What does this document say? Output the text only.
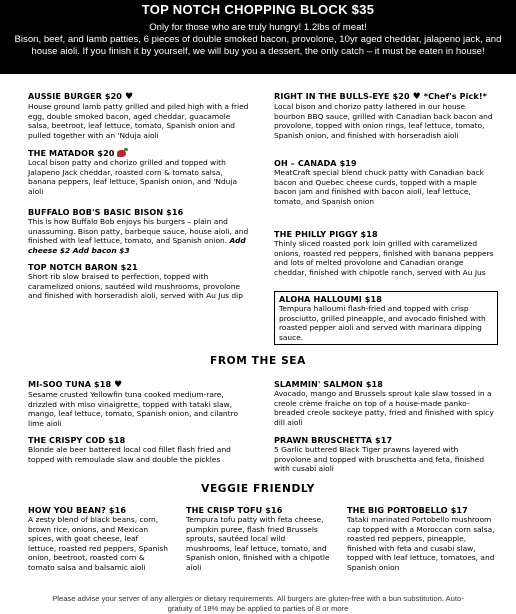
TOP NOTCH CHOPPING BLOCK $35
Only for those who are truly hungry! 1.2lbs of meat!
Bison, beef, and lamb patties, 6 pieces of double smoked bacon, provolone, 10yr aged cheddar, jalapeno jack, and house aioli. If you finish it by yourself, we will buy you a dessert, the only catch – it must be eaten in house!
AUSSIE BURGER $20 ♥

House ground lamb patty grilled and piled high with a fried egg, double smoked bacon, aged cheddar, guacamole salsa, beetroot, leaf lettuce, tomato, Spanish onion and pulled together with an 'Nduja aioli

THE MATADOR $20

Local bison patty and chorizo grilled and topped with Jalapeno Jack cheddar, roasted corn & tomato salsa, banana peppers, leaf lettuce, Spanish onion, and 'Nduja aioli

BUFFALO BOB'S BASIC BISON $16

This is how Buffalo Bob enjoys his burgers – plain and unassuming. Bison patty, barbeque sauce, house aioli, and finished with leaf lettuce, tomato, and Spanish onion. Add cheese $2 Add bacon $3

TOP NOTCH BARON $21

Short rib slow braised to perfection, topped with caramelized onions, sautéed wild mushrooms, provolone and finished with horseradish aioli, served with Au Jus dip

RIGHT IN THE BULLS-EYE $20 ♥ *Chef's Pick!*

Local bison and chorizo patty lathered in our house bourbon BBQ sauce, grilled with Canadian back bacon and provolone, topped with onion rings, leaf lettuce, tomato, Spanish onion, and finished with horseradish aioli

OH – CANADA $19

MeatCraft special blend chuck patty with Canadian back bacon and Quebec cheese curds, topped with a maple bacon jam and finished with bacon aioli, leaf lettuce, tomato, and Spanish onion

THE PHILLY PIGGY $18

Thinly sliced roasted pork loin grilled with caramelized onions, roasted red peppers, finished with banana peppers and lots of melted provolone and Canadian orange cheddar, finished with chipotle ranch, served with Au Jus

ALOHA HALLOUMI $18

Tempura halloumi flash-fried and topped with crisp prosciutto, grilled pineapple, and avocado finished with roasted pepper aioli and served with marinara dipping sauce.

FROM THE SEA
MI-SOO TUNA $18 ♥

Sesame crusted Yellowfin tuna cooked medium-rare, drizzled with miso vinaigrette, topped with tataki slaw, mango, leaf lettuce, tomato, Spanish onion, and cilantro lime aioli

SLAMMIN' SALMON $18

Avocado, mango and Brussels sprout kale slaw tossed in a creole crème fraiche on top of a house-made panko-breaded creole sockeye patty, fried and finished with spicy dill aioli

THE CRISPY COD $18

Blonde ale beer battered local cod fillet flash fried and topped with remoulade slaw and double the pickles

PRAWN BRUSCHETTA $17

5 Garlic buttered Black Tiger prawns layered with provolone and topped with bruschetta and feta, finished with cusabi aioli

VEGGIE FRIENDLY
HOW YOU BEAN? $16

A zesty blend of black beans, corn, brown rice, onions, and Mexican spices, with goat cheese, leaf lettuce, roasted red peppers, Spanish onion, beetroot, roasted corn & tomato salsa and balsamic aioli

THE CRISP TOFU $16

Tempura tofu patty with feta cheese, pumpkin puree, flash fried Brussels sprouts, sautéed local wild mushrooms, leaf lettuce, tomato, and Spanish onion, finished with a chipotle aioli

THE BIG PORTOBELLO $17

Tataki marinated Portobello mushroom cap topped with a Moroccan corn salsa, roasted red peppers, pineapple, finished with feta and cusabi slaw, topped with leaf lettuce, tomatoes, and Spanish onion

Please advise your server of any allergies or dietary requirements. All burgers are gluten-free with a bun substitution. Auto-
gratuity of 18% may be applied to parties of 8 or more
